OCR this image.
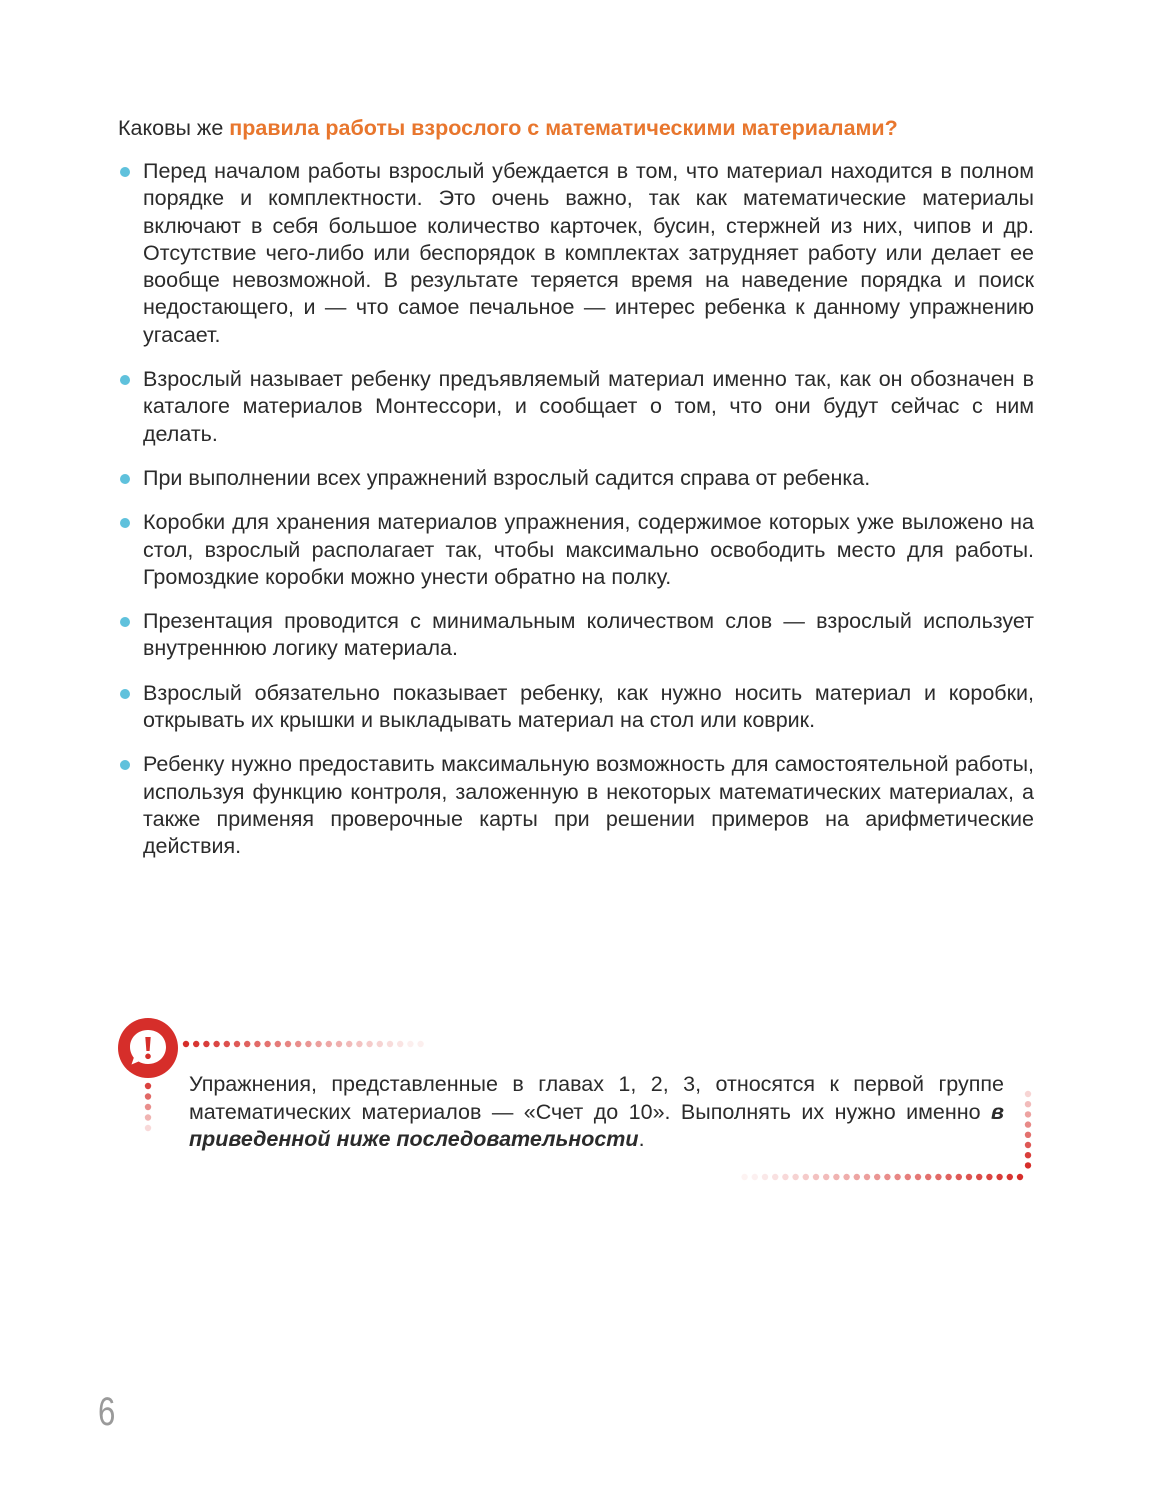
Каковы же правила работы взрослого с математическими материалами?

Перед началом работы взрослый убеждается в том, что материал находится в полном порядке и комплектности. Это очень важно, так как математические материалы включают в себя большое количество карточек, бусин, стержней из них, чипов и др. Отсутствие чего-либо или беспорядок в комплектах затрудняет работу или делает ее вообще невозможной. В результате теряется время на наведение порядка и поиск недостающего, и — что самое печальное — интерес ребенка к данному упражнению угасает.
Взрослый называет ребенку предъявляемый материал именно так, как он обозначен в каталоге материалов Монтессори, и сообщает о том, что они будут сейчас с ним делать.
При выполнении всех упражнений взрослый садится справа от ребенка.
Коробки для хранения материалов упражнения, содержимое которых уже выложено на стол, взрослый располагает так, чтобы максимально освободить место для работы. Громоздкие коробки можно унести обратно на полку.
Презентация проводится с минимальным количеством слов — взрослый использует внутреннюю логику материала.
Взрослый обязательно показывает ребенку, как нужно носить материал и коробки, открывать их крышки и выкладывать материал на стол или коврик.
Ребенку нужно предоставить максимальную возможность для самостоятельной работы, используя функцию контроля, заложенную в некоторых математических материалах, а также применяя проверочные карты при решении примеров на арифметические действия.

Упражнения, представленные в главах 1, 2, 3, относятся к первой группе математических материалов — «Счет до 10». Выполнять их нужно именно в приведенной ниже последовательности.

6
